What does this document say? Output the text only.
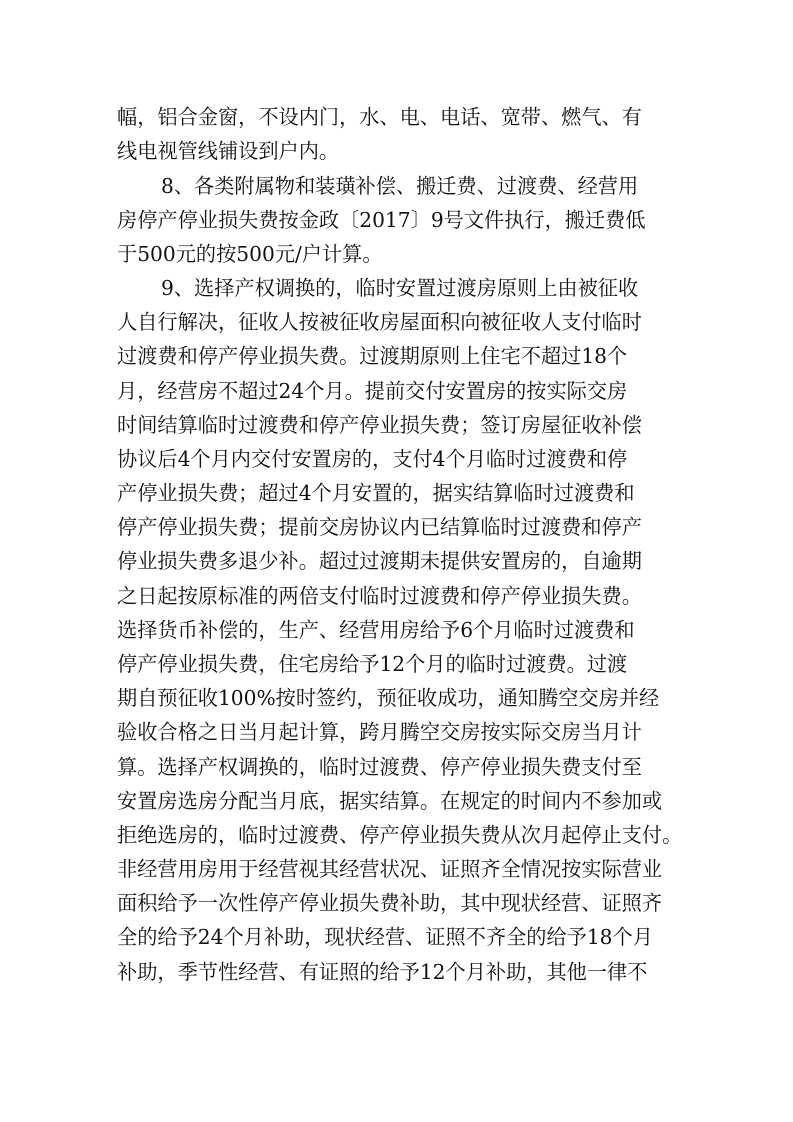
幅，铝合金窗，不设内门，水、电、电话、宽带、燃气、有
线电视管线铺设到户内。
8、各类附属物和装璜补偿、搬迁费、过渡费、经营用
房停产停业损失费按金政〔2017〕9号文件执行，搬迁费低
于500元的按500元/户计算。
9、选择产权调换的，临时安置过渡房原则上由被征收
人自行解决，征收人按被征收房屋面积向被征收人支付临时
过渡费和停产停业损失费。过渡期原则上住宅不超过18个
月，经营房不超过24个月。提前交付安置房的按实际交房
时间结算临时过渡费和停产停业损失费；签订房屋征收补偿
协议后4个月内交付安置房的，支付4个月临时过渡费和停
产停业损失费；超过4个月安置的，据实结算临时过渡费和
停产停业损失费；提前交房协议内已结算临时过渡费和停产
停业损失费多退少补。超过过渡期未提供安置房的，自逾期
之日起按原标准的两倍支付临时过渡费和停产停业损失费。
选择货币补偿的，生产、经营用房给予6个月临时过渡费和
停产停业损失费，住宅房给予12个月的临时过渡费。过渡
期自预征收100%按时签约，预征收成功，通知腾空交房并经
验收合格之日当月起计算，跨月腾空交房按实际交房当月计
算。选择产权调换的，临时过渡费、停产停业损失费支付至
安置房选房分配当月底，据实结算。在规定的时间内不参加或
拒绝选房的，临时过渡费、停产停业损失费从次月起停止支付。
非经营用房用于经营视其经营状况、证照齐全情况按实际营业
面积给予一次性停产停业损失费补助，其中现状经营、证照齐
全的给予24个月补助，现状经营、证照不齐全的给予18个月
补助，季节性经营、有证照的给予12个月补助，其他一律不
